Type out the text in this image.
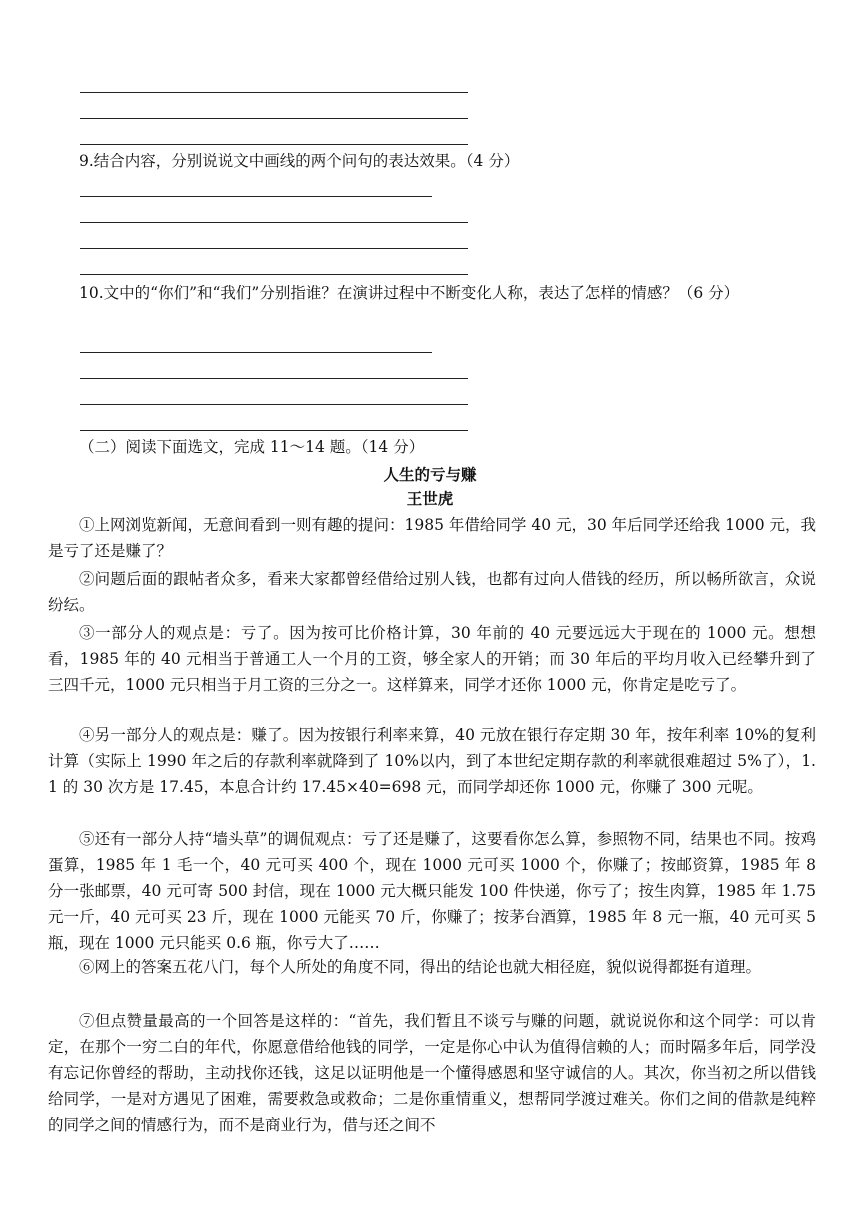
9.结合内容，分别说说文中画线的两个问句的表达效果。（4 分）
10.文中的“你们”和“我们”分别指谁？在演讲过程中不断变化人称，表达了怎样的情感？（6 分）
（二）阅读下面选文，完成 11～14 题。（14 分）
人生的亏与赚
王世虎
①上网浏览新闻，无意间看到一则有趣的提问：1985 年借给同学 40 元，30 年后同学还给我 1000 元，我是亏了还是赚了？
②问题后面的跟帖者众多，看来大家都曾经借给过别人钱，也都有过向人借钱的经历，所以畅所欲言，众说纷纭。
③一部分人的观点是：亏了。因为按可比价格计算，30 年前的 40 元要远远大于现在的 1000 元。想想看，1985 年的 40 元相当于普通工人一个月的工资，够全家人的开销；而 30 年后的平均月收入已经攀升到了三四千元，1000 元只相当于月工资的三分之一。这样算来，同学才还你 1000 元，你肯定是吃亏了。
④另一部分人的观点是：赚了。因为按银行利率来算，40 元放在银行存定期 30 年，按年利率 10%的复利计算（实际上 1990 年之后的存款利率就降到了 10%以内，到了本世纪定期存款的利率就很难超过 5%了），1.1 的 30 次方是 17.45，本息合计约 17.45×40=698 元，而同学却还你 1000 元，你赚了 300 元呢。
⑤还有一部分人持“墙头草”的调侃观点：亏了还是赚了，这要看你怎么算，参照物不同，结果也不同。按鸡蛋算，1985 年 1 毛一个，40 元可买 400 个，现在 1000 元可买 1000 个，你赚了；按邮资算，1985 年 8 分一张邮票，40 元可寄 500 封信，现在 1000 元大概只能发 100 件快递，你亏了；按生肉算，1985 年 1.75 元一斤，40 元可买 23 斤，现在 1000 元能买 70 斤，你赚了；按茅台酒算，1985 年 8 元一瓶，40 元可买 5 瓶，现在 1000 元只能买 0.6 瓶，你亏大了……
⑥网上的答案五花八门，每个人所处的角度不同，得出的结论也就大相径庭，貌似说得都挺有道理。
⑦但点赞量最高的一个回答是这样的：“首先，我们暂且不谈亏与赚的问题，就说说你和这个同学：可以肯定，在那个一穷二白的年代，你愿意借给他钱的同学，一定是你心中认为值得信赖的人；而时隔多年后，同学没有忘记你曾经的帮助，主动找你还钱，这足以证明他是一个懂得感恩和坚守诚信的人。其次，你当初之所以借钱给同学，一是对方遇见了困难，需要救急或救命；二是你重情重义，想帮同学渡过难关。你们之间的借款是纯粹的同学之间的情感行为，而不是商业行为，借与还之间不
